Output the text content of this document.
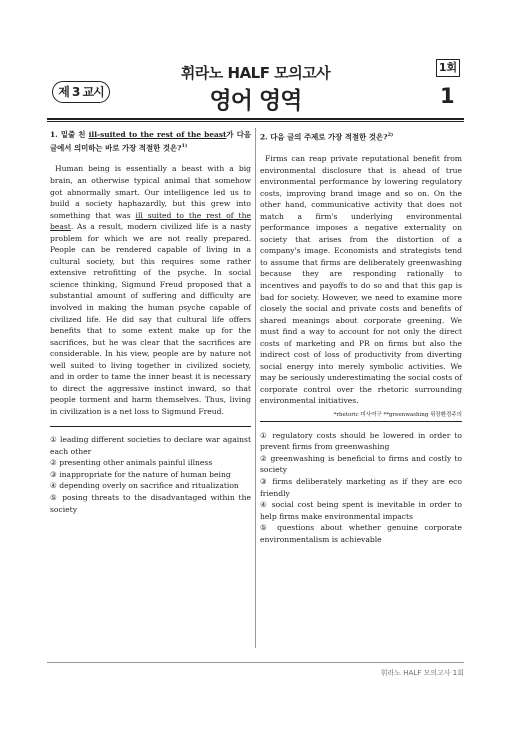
휘라노 HALF 모의고사
영어 영역
제 3 교시
1회
1
1. 밑줄 친 ill-suited to the rest of the beast가 다음 글에서 의미하는 바로 가장 적절한 것은?$^{1)}$

Human being is essentially a beast with a big brain, an otherwise typical animal that somehow got abnormally smart. Our intelligence led us to build a society haphazardly, but this grew into something that was ill suited to the rest of the beast. As a result, modern civilized life is a nasty problem for which we are not really prepared. People can be rendered capable of living in a cultural society, but this requires some rather extensive retrofitting of the psyche. In social science thinking, Sigmund Freud proposed that a substantial amount of suffering and difficulty are involved in making the human psyche capable of civilized life. He did say that cultural life offers benefits that to some extent make up for the sacrifices, but he was clear that the sacrifices are considerable. In his view, people are by nature not well suited to living together in civilized society, and in order to tame the inner beast it is necessary to direct the aggressive instinct inward, so that people torment and harm themselves. Thus, living in civilization is a net loss to Sigmund Freud.

① leading different societies to declare war against each other
② presenting other animals painful illness
③ inappropriate for the nature of human being
④ depending overly on sacrifice and ritualization
⑤ posing threats to the disadvantaged within the society
2. 다음 글의 주제로 가장 적절한 것은?$^{2)}$

Firms can reap private reputational benefit from environmental disclosure that is ahead of true environmental performance by lowering regulatory costs, improving brand image and so on. On the other hand, communicative activity that does not match a firm's underlying environmental performance imposes a negative externality on society that arises from the distortion of a company's image. Economists and strategists tend to assume that firms are deliberately greenwashing because they are responding rationally to incentives and payoffs to do so and that this gap is bad for society. However, we need to examine more closely the social and private costs and benefits of shared meanings about corporate greening. We must find a way to account for not only the direct costs of marketing and PR on firms but also the indirect cost of loss of productivity from diverting social energy into merely symbolic activities. We may be seriously underestimating the social costs of corporate control over the rhetoric surrounding environmental initiatives.

*rhetoric 미사여구 **greenwashing 위장환경주의
① regulatory costs should be lowered in order to prevent firms from greenwashing
② greenwashing is beneficial to firms and costly to society
③ firms deliberately marketing as if they are eco friendly
④ social cost being spent is inevitable in order to help firms make environmental impacts
⑤ questions about whether genuine corporate environmentalism is achievable
휘라노 HALF 모의고사 1회
